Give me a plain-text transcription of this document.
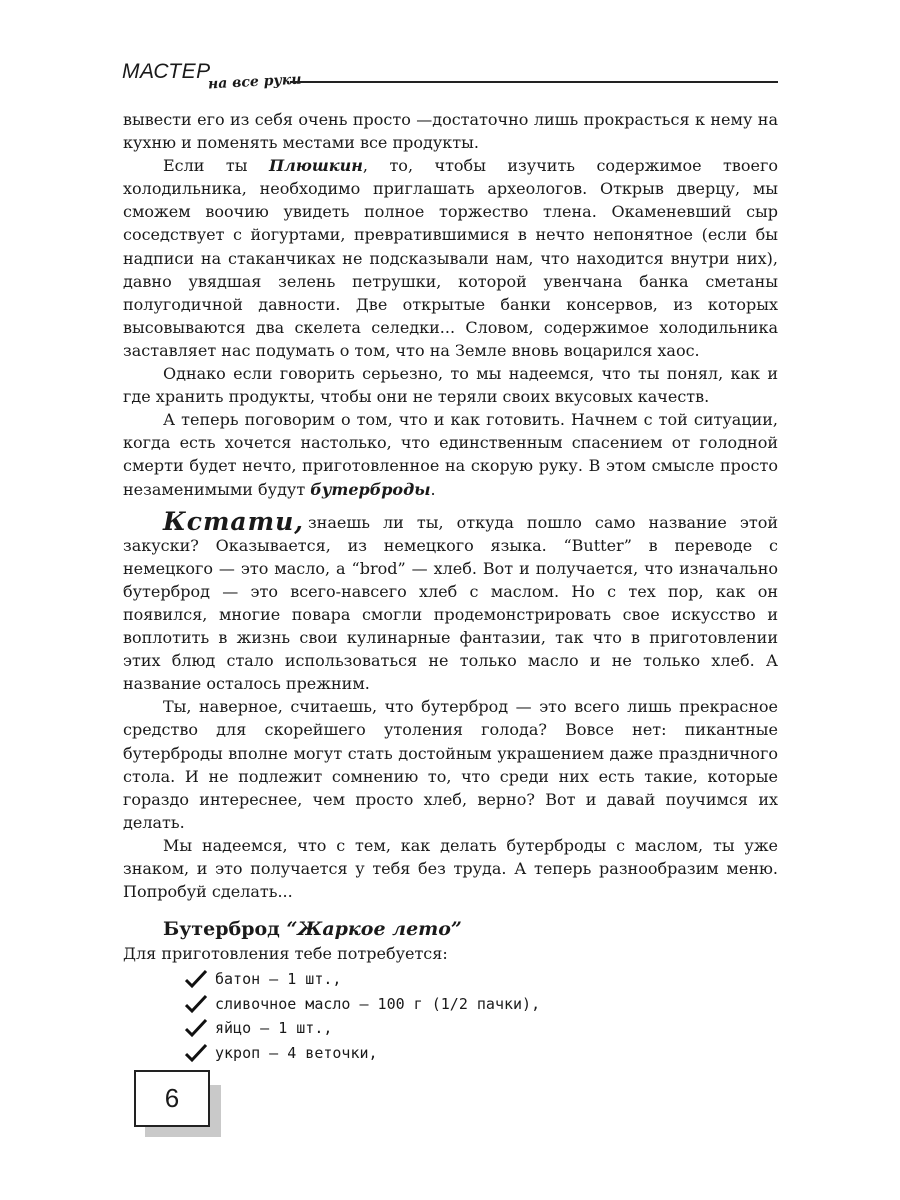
МАСТЕР
на все руки

вывести его из себя очень просто —достаточно лишь прокрасться к нему на кухню и поменять местами все продукты.

Если ты Плюшкин, то, чтобы изучить содержимое твоего холодильника, необходимо приглашать археологов. Открыв дверцу, мы сможем воочию увидеть полное торжество тлена. Окаменевший сыр соседствует с йогуртами, превратившимися в нечто непонятное (если бы надписи на стаканчиках не подсказывали нам, что находится внутри них), давно увядшая зелень петрушки, которой увенчана банка сметаны полугодичной давности. Две открытые банки консервов, из которых высовываются два скелета селедки... Словом, содержимое холодильника заставляет нас подумать о том, что на Земле вновь воцарился хаос.

Однако если говорить серьезно, то мы надеемся, что ты понял, как и где хранить продукты, чтобы они не теряли своих вкусовых качеств.

А теперь поговорим о том, что и как готовить. Начнем с той ситуации, когда есть хочется настолько, что единственным спасением от голодной смерти будет нечто, приготовленное на скорую руку. В этом смысле просто незаменимыми будут бутерброды.

Кстати, знаешь ли ты, откуда пошло само название этой закуски? Оказывается, из немецкого языка. “Butter” в переводе с немецкого — это масло, а “brod” — хлеб. Вот и получается, что изначально бутерброд — это всего-навсего хлеб с маслом. Но с тех пор, как он появился, многие повара смогли продемонстрировать свое искусство и воплотить в жизнь свои кулинарные фантазии, так что в приготовлении этих блюд стало использоваться не только масло и не только хлеб. А название осталось прежним.

Ты, наверное, считаешь, что бутерброд — это всего лишь прекрасное средство для скорейшего утоления голода? Вовсе нет: пикантные бутерброды вполне могут стать достойным украшением даже праздничного стола. И не подлежит сомнению то, что среди них есть такие, которые гораздо интереснее, чем просто хлеб, верно? Вот и давай поучимся их делать.

Мы надеемся, что с тем, как делать бутерброды с маслом, ты уже знаком, и это получается у тебя без труда. А теперь разнообразим меню. Попробуй сделать...

Бутерброд “Жаркое лето”

Для приготовления тебе потребуется:

батон — 1 шт.,
сливочное масло — 100 г (1/2 пачки),
яйцо — 1 шт.,
укроп — 4 веточки,
6
